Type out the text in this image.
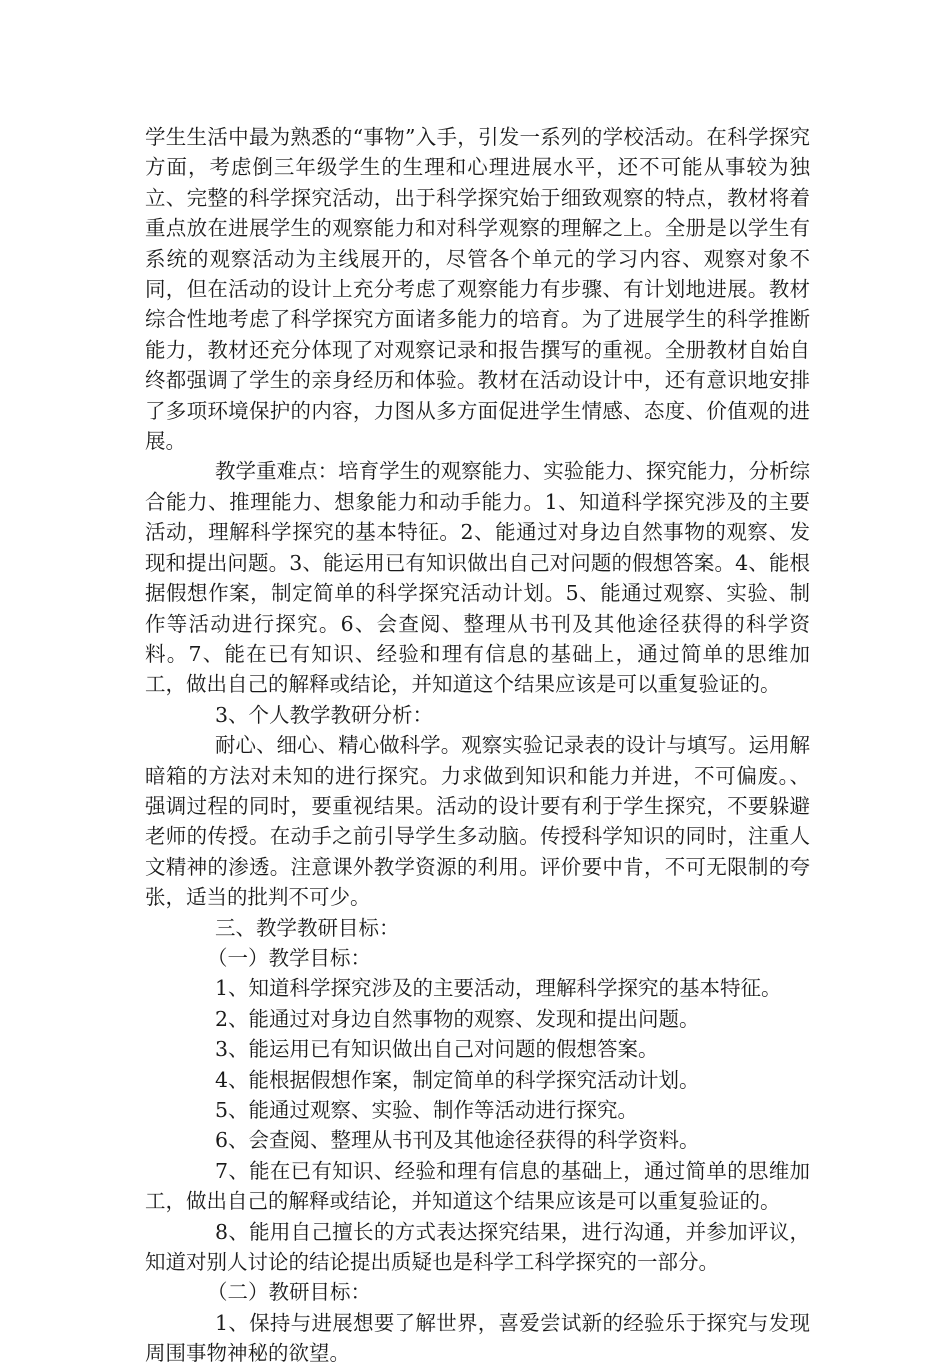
学生生活中最为熟悉的“事物”入手，引发一系列的学校活动。在科学探究方面，考虑倒三年级学生的生理和心理进展水平，还不可能从事较为独立、完整的科学探究活动，出于科学探究始于细致观察的特点，教材将着重点放在进展学生的观察能力和对科学观察的理解之上。全册是以学生有系统的观察活动为主线展开的，尽管各个单元的学习内容、观察对象不同，但在活动的设计上充分考虑了观察能力有步骤、有计划地进展。教材综合性地考虑了科学探究方面诸多能力的培育。为了进展学生的科学推断能力，教材还充分体现了对观察记录和报告撰写的重视。全册教材自始自终都强调了学生的亲身经历和体验。教材在活动设计中，还有意识地安排了多项环境保护的内容，力图从多方面促进学生情感、态度、价值观的进展。

教学重难点：培育学生的观察能力、实验能力、探究能力，分析综合能力、推理能力、想象能力和动手能力。1、知道科学探究涉及的主要活动，理解科学探究的基本特征。2、能通过对身边自然事物的观察、发现和提出问题。3、能运用已有知识做出自己对问题的假想答案。4、能根据假想作案，制定简单的科学探究活动计划。5、能通过观察、实验、制作等活动进行探究。6、会查阅、整理从书刊及其他途径获得的科学资料。7、能在已有知识、经验和理有信息的基础上，通过简单的思维加工，做出自己的解释或结论，并知道这个结果应该是可以重复验证的。

3、个人教学教研分析：

耐心、细心、精心做科学。观察实验记录表的设计与填写。运用解暗箱的方法对未知的进行探究。力求做到知识和能力并进，不可偏废。、强调过程的同时，要重视结果。活动的设计要有利于学生探究，不要躲避老师的传授。在动手之前引导学生多动脑。传授科学知识的同时，注重人文精神的渗透。注意课外教学资源的利用。评价要中肯，不可无限制的夸张，适当的批判不可少。

三、教学教研目标：

（一）教学目标：

1、知道科学探究涉及的主要活动，理解科学探究的基本特征。

2、能通过对身边自然事物的观察、发现和提出问题。

3、能运用已有知识做出自己对问题的假想答案。

4、能根据假想作案，制定简单的科学探究活动计划。

5、能通过观察、实验、制作等活动进行探究。

6、会查阅、整理从书刊及其他途径获得的科学资料。

7、能在已有知识、经验和理有信息的基础上，通过简单的思维加工，做出自己的解释或结论，并知道这个结果应该是可以重复验证的。

8、能用自己擅长的方式表达探究结果，进行沟通，并参加评议，知道对别人讨论的结论提出质疑也是科学工科学探究的一部分。

（二）教研目标：

1、保持与进展想要了解世界，喜爱尝试新的经验乐于探究与发现周围事物神秘的欲望。
